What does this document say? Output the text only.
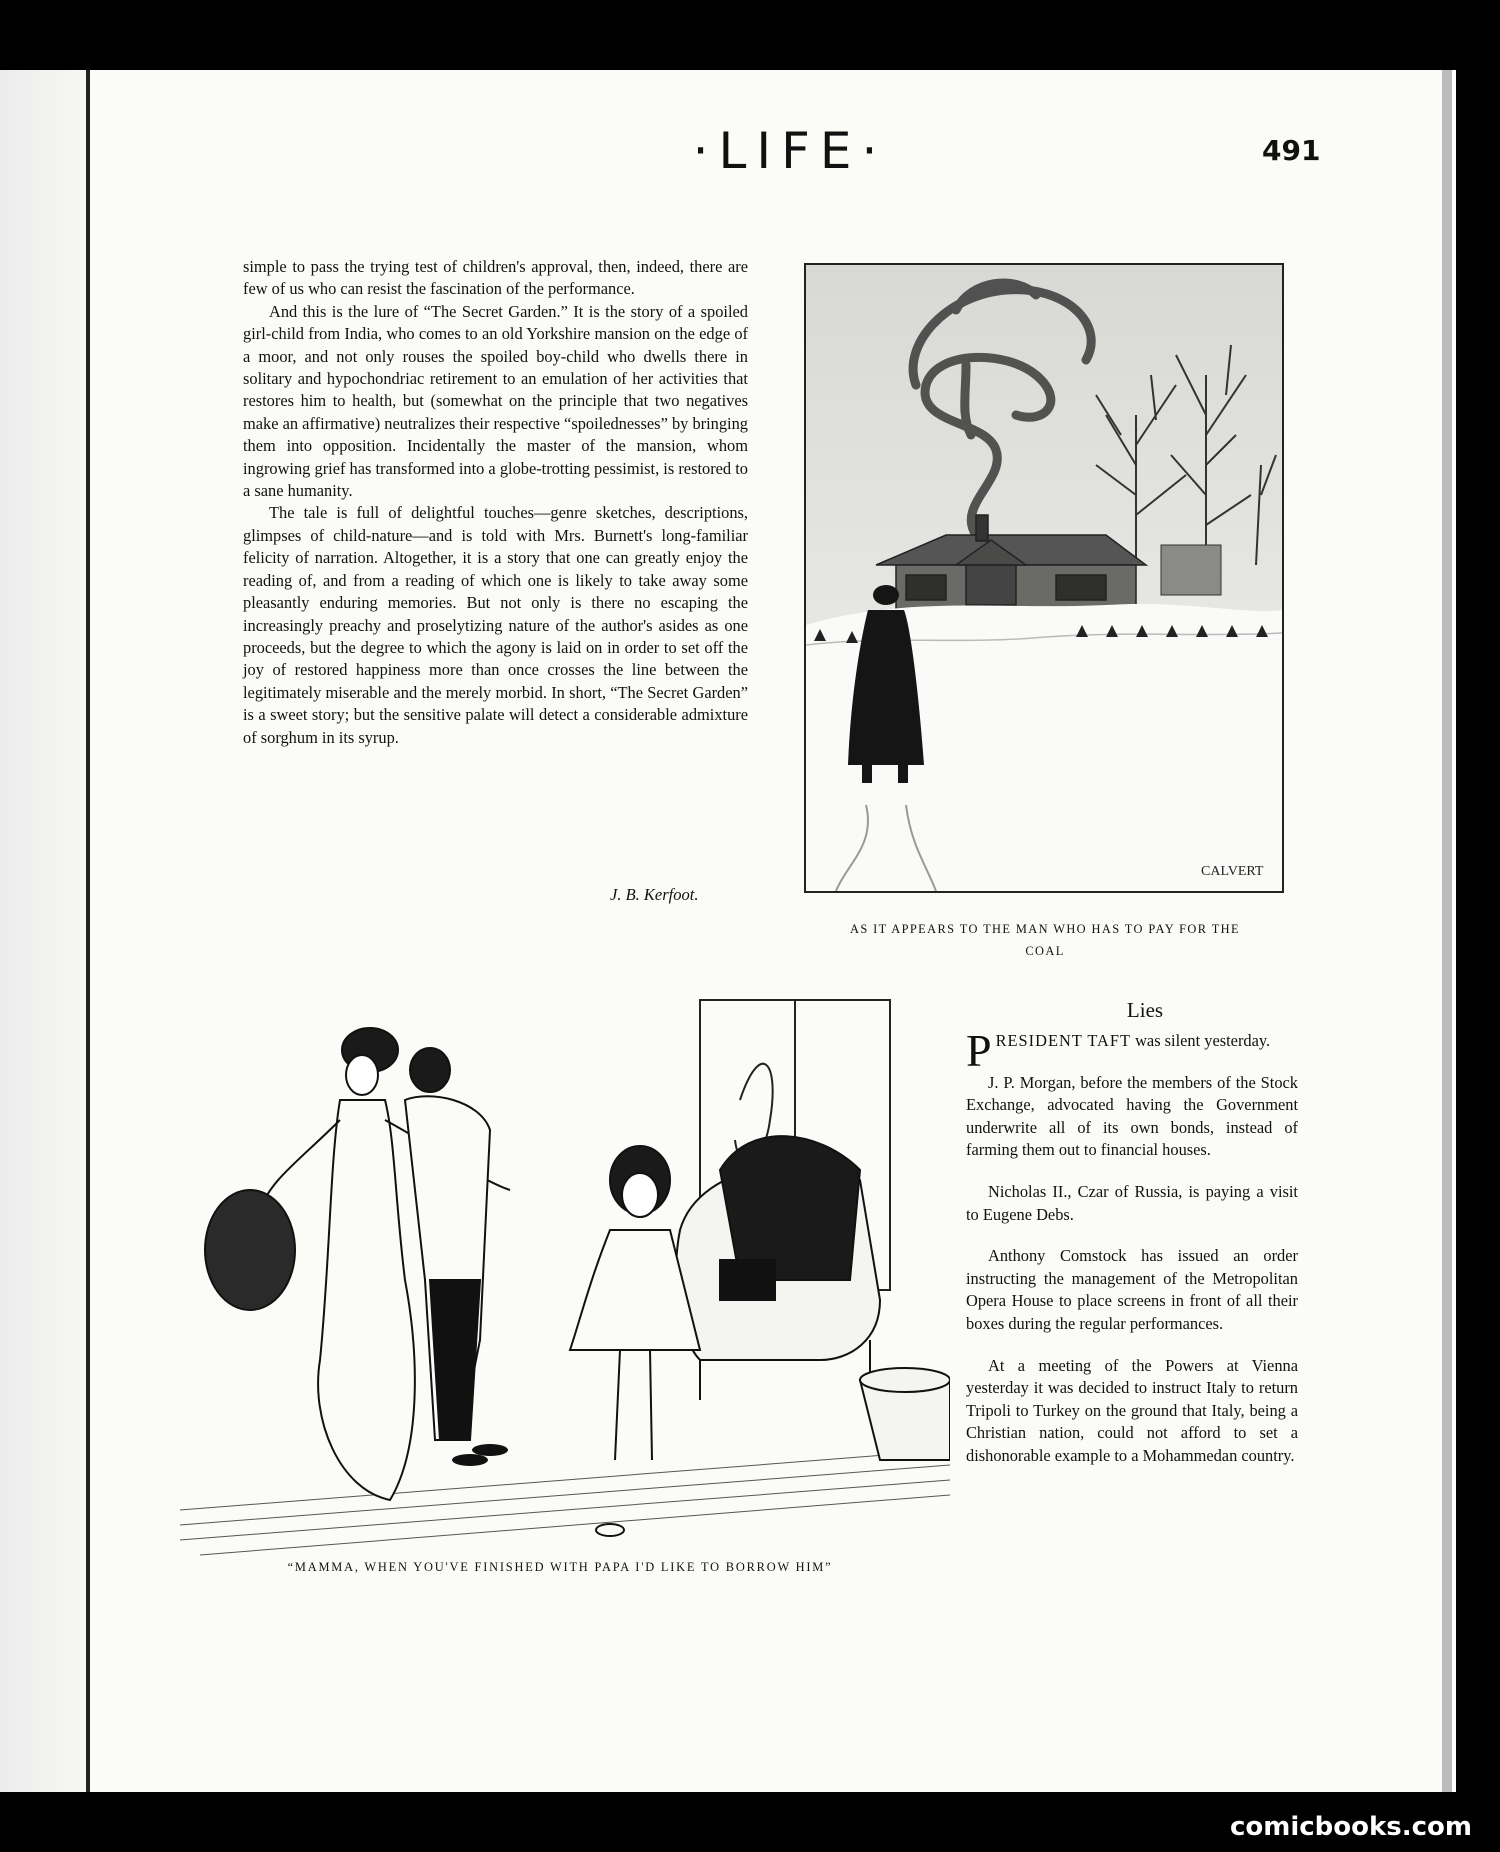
·LIFE·	491

simple to pass the trying test of children's approval, then, indeed, there are few of us who can resist the fascination of the performance.

And this is the lure of “The Secret Garden.” It is the story of a spoiled girl-child from India, who comes to an old Yorkshire mansion on the edge of a moor, and not only rouses the spoiled boy-child who dwells there in solitary and hypochondriac retirement to an emulation of her activities that restores him to health, but (somewhat on the principle that two negatives make an affirmative) neutralizes their respective “spoilednesses” by bringing them into opposition. Incidentally the master of the mansion, whom ingrowing grief has transformed into a globe-trotting pessimist, is restored to a sane humanity.

The tale is full of delightful touches—genre sketches, descriptions, glimpses of child-nature—and is told with Mrs. Burnett's long-familiar felicity of narration. Altogether, it is a story that one can greatly enjoy the reading of, and from a reading of which one is likely to take away some pleasantly enduring memories. But not only is there no escaping the increasingly preachy and proselytizing nature of the author's asides as one proceeds, but the degree to which the agony is laid on in order to set off the joy of restored happiness more than once crosses the line between the legitimately miserable and the merely morbid. In short, “The Secret Garden” is a sweet story; but the sensitive palate will detect a considerable admixture of sorghum in its syrup.

J. B. Kerfoot.
CALVERT
AS IT APPEARS TO THE MAN WHO HAS TO PAY FOR THE COAL
“MAMMA, WHEN YOU'VE FINISHED WITH PAPA I'D LIKE TO BORROW HIM”
Lies

PRESIDENT TAFT was silent yesterday.

J. P. Morgan, before the members of the Stock Exchange, advocated having the Government underwrite all of its own bonds, instead of farming them out to financial houses.

Nicholas II., Czar of Russia, is paying a visit to Eugene Debs.

Anthony Comstock has issued an order instructing the management of the Metropolitan Opera House to place screens in front of all their boxes during the regular performances.

At a meeting of the Powers at Vienna yesterday it was decided to instruct Italy to return Tripoli to Turkey on the ground that Italy, being a Christian nation, could not afford to set a dishonorable example to a Mohammedan country.

comicbooks.com
